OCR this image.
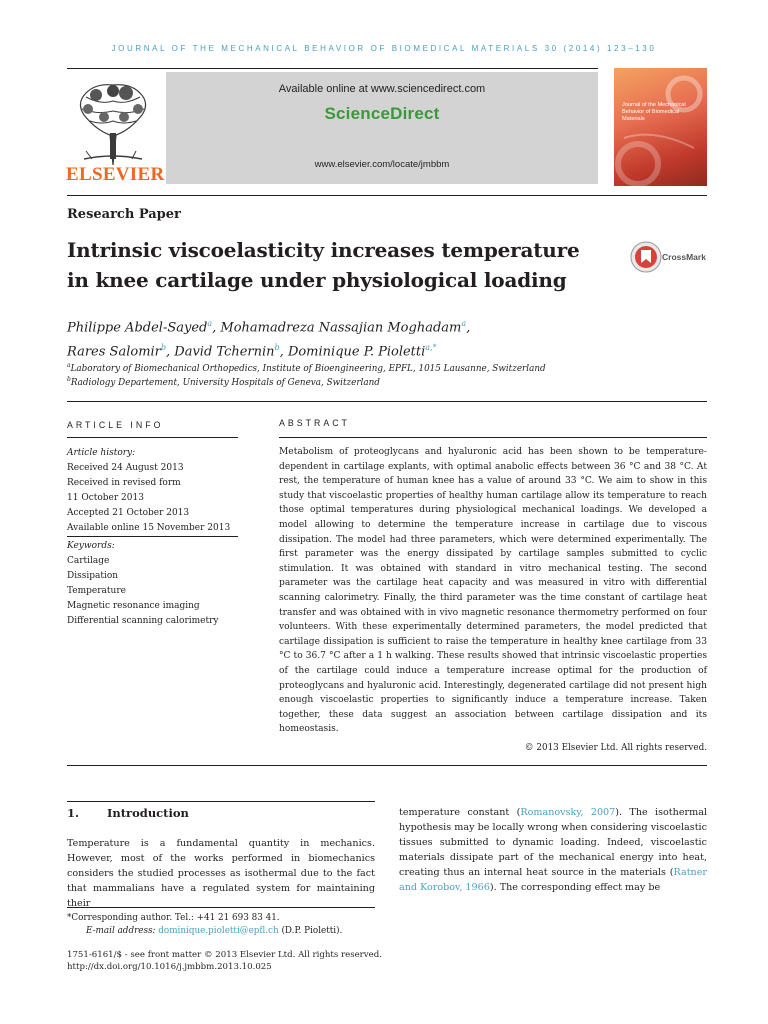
JOURNAL OF THE MECHANICAL BEHAVIOR OF BIOMEDICAL MATERIALS 30 (2014) 123–130
ELSEVIER
Available online at www.sciencedirect.com
ScienceDirect
www.elsevier.com/locate/jmbbm
Journal of the Mechanical Behavior of Biomedical Materials
Research Paper
Intrinsic viscoelasticity increases temperature
in knee cartilage under physiological loading
CrossMark
Philippe Abdel-Sayed$^a$, Mohamadreza Nassajian Moghadam$^a$,
Rares Salomir$^b$, David Tchernin$^b$, Dominique P. Pioletti$^{a,*}$
$^a$Laboratory of Biomechanical Orthopedics, Institute of Bioengineering, EPFL, 1015 Lausanne, Switzerland
$^b$Radiology Departement, University Hospitals of Geneva, Switzerland
ARTICLE INFO
Article history:
Received 24 August 2013
Received in revised form
11 October 2013
Accepted 21 October 2013
Available online 15 November 2013
Keywords:
Cartilage
Dissipation
Temperature
Magnetic resonance imaging
Differential scanning calorimetry
ABSTRACT
Metabolism of proteoglycans and hyaluronic acid has been shown to be temperature-dependent in cartilage explants, with optimal anabolic effects between 36 °C and 38 °C. At rest, the temperature of human knee has a value of around 33 °C. We aim to show in this study that viscoelastic properties of healthy human cartilage allow its temperature to reach those optimal temperatures during physiological mechanical loadings. We developed a model allowing to determine the temperature increase in cartilage due to viscous dissipation. The model had three parameters, which were determined experimentally. The first parameter was the energy dissipated by cartilage samples submitted to cyclic stimulation. It was obtained with standard in vitro mechanical testing. The second parameter was the cartilage heat capacity and was measured in vitro with differential scanning calorimetry. Finally, the third parameter was the time constant of cartilage heat transfer and was obtained with in vivo magnetic resonance thermometry performed on four volunteers. With these experimentally determined parameters, the model predicted that cartilage dissipation is sufficient to raise the temperature in healthy knee cartilage from 33 °C to 36.7 °C after a 1 h walking. These results showed that intrinsic viscoelastic properties of the cartilage could induce a temperature increase optimal for the production of proteoglycans and hyaluronic acid. Interestingly, degenerated cartilage did not present high enough viscoelastic properties to significantly induce a temperature increase. Taken together, these data suggest an association between cartilage dissipation and its homeostasis.
© 2013 Elsevier Ltd. All rights reserved.
1. Introduction
Temperature is a fundamental quantity in mechanics. However, most of the works performed in biomechanics considers the studied processes as isothermal due to the fact that mammalians have a regulated system for maintaining their
temperature constant (Romanovsky, 2007). The isothermal hypothesis may be locally wrong when considering viscoelastic tissues submitted to dynamic loading. Indeed, viscoelastic materials dissipate part of the mechanical energy into heat, creating thus an internal heat source in the materials (Ratner and Korobov, 1966). The corresponding effect may be
*Corresponding author. Tel.: +41 21 693 83 41.
E-mail address: dominique.pioletti@epfl.ch (D.P. Pioletti).
1751-6161/$ - see front matter © 2013 Elsevier Ltd. All rights reserved.
http://dx.doi.org/10.1016/j.jmbbm.2013.10.025
